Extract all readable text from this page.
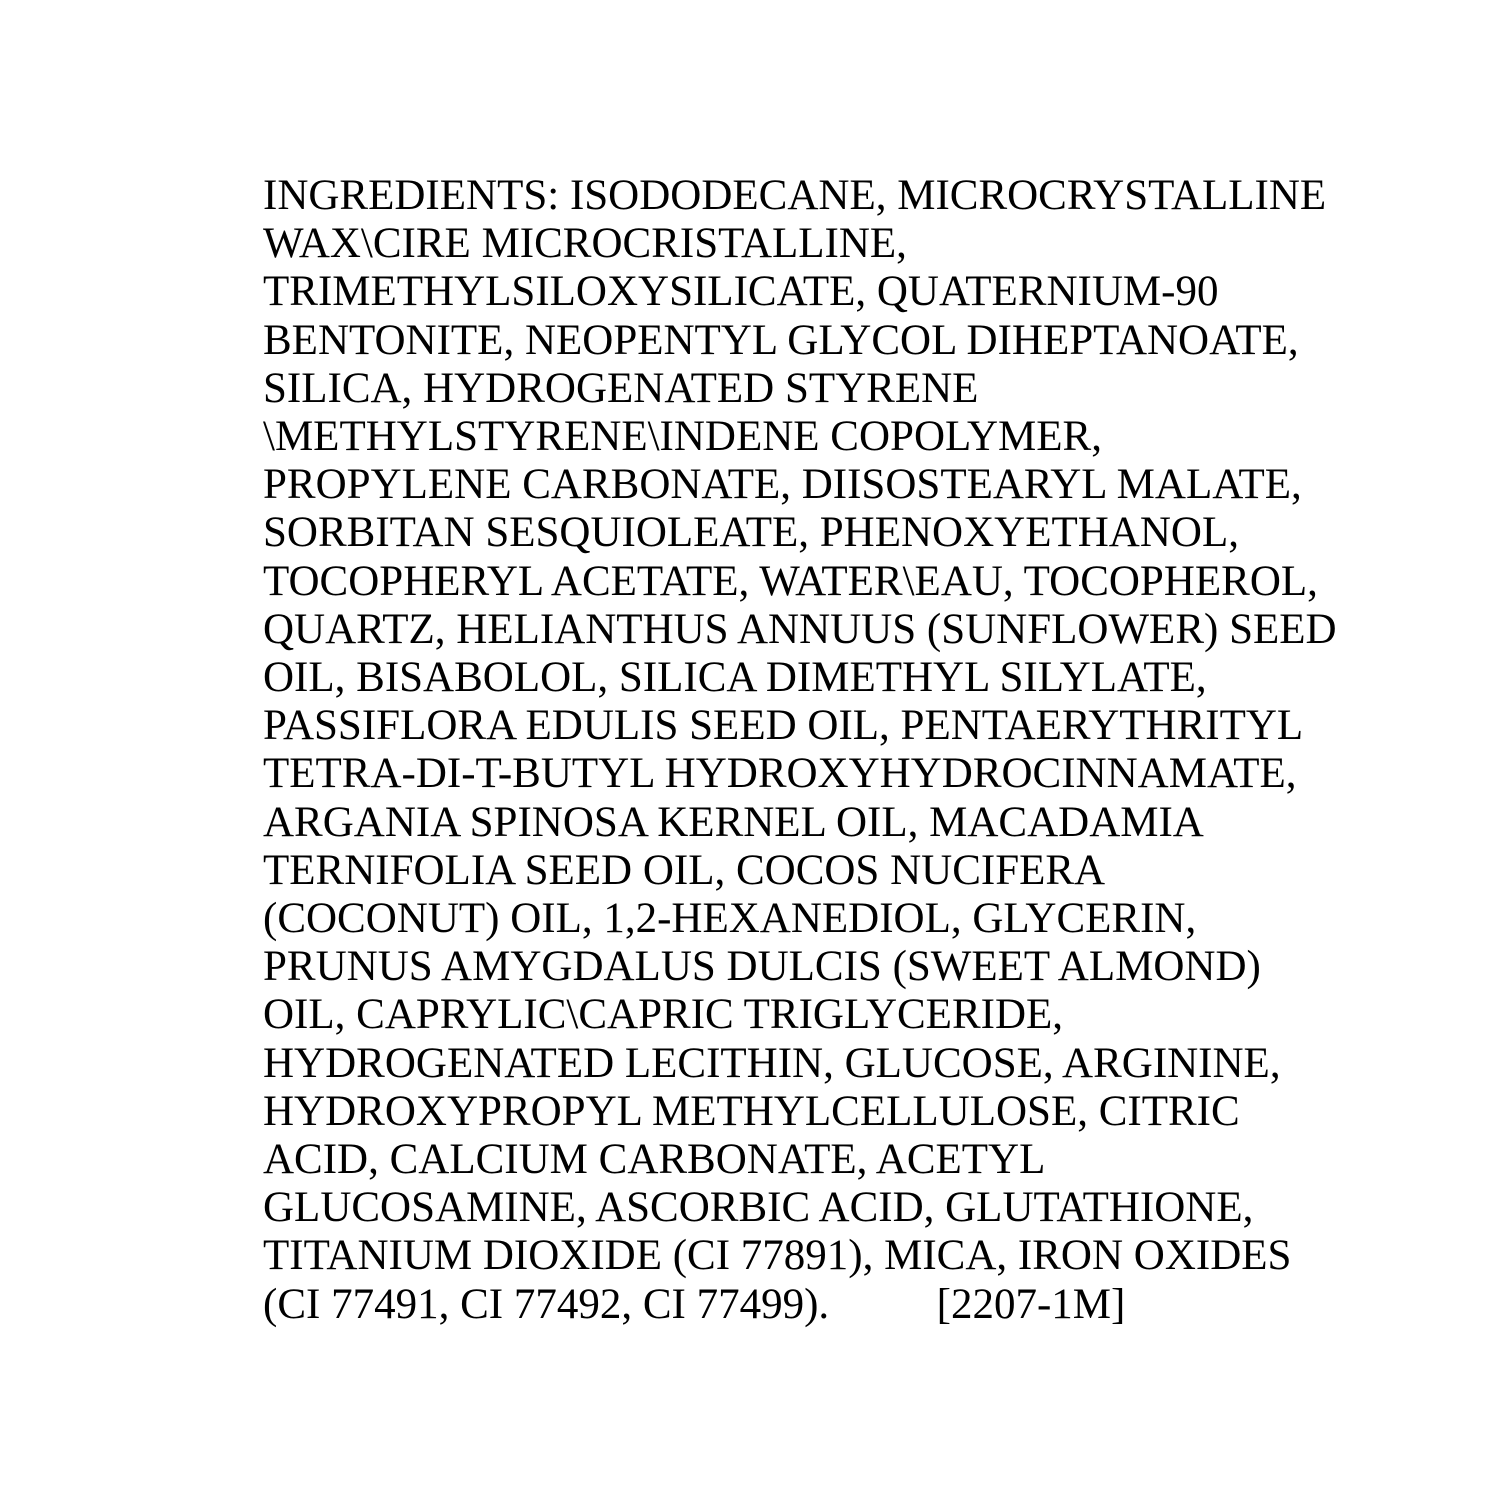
INGREDIENTS: ISODODECANE, MICROCRYSTALLINE
WAX\CIRE MICROCRISTALLINE,
TRIMETHYLSILOXYSILICATE, QUATERNIUM-90
BENTONITE, NEOPENTYL GLYCOL DIHEPTANOATE,
SILICA, HYDROGENATED STYRENE
\METHYLSTYRENE\INDENE COPOLYMER,
PROPYLENE CARBONATE, DIISOSTEARYL MALATE,
SORBITAN SESQUIOLEATE, PHENOXYETHANOL,
TOCOPHERYL ACETATE, WATER\EAU, TOCOPHEROL,
QUARTZ, HELIANTHUS ANNUUS (SUNFLOWER) SEED
OIL, BISABOLOL, SILICA DIMETHYL SILYLATE,
PASSIFLORA EDULIS SEED OIL, PENTAERYTHRITYL
TETRA-DI-T-BUTYL HYDROXYHYDROCINNAMATE,
ARGANIA SPINOSA KERNEL OIL, MACADAMIA
TERNIFOLIA SEED OIL, COCOS NUCIFERA
(COCONUT) OIL, 1,2-HEXANEDIOL, GLYCERIN,
PRUNUS AMYGDALUS DULCIS (SWEET ALMOND)
OIL, CAPRYLIC\CAPRIC TRIGLYCERIDE,
HYDROGENATED LECITHIN, GLUCOSE, ARGININE,
HYDROXYPROPYL METHYLCELLULOSE, CITRIC
ACID, CALCIUM CARBONATE, ACETYL
GLUCOSAMINE, ASCORBIC ACID, GLUTATHIONE,
TITANIUM DIOXIDE (CI 77891), MICA, IRON OXIDES
(CI 77491, CI 77492, CI 77499).          [2207-1M]
